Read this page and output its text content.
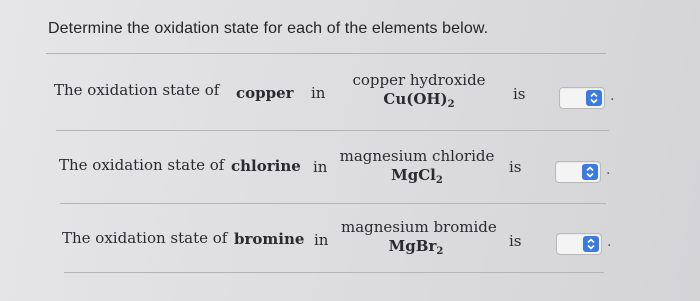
Determine the oxidation state for each of the elements below.
The oxidation state of copper in
copper hydroxide
$Cu(OH)_2$
is	.
The oxidation state of chlorine in
magnesium chloride
MgCl$_2$
is	.
The oxidation state of bromine in
magnesium bromide
MgBr$_2$
is	.
